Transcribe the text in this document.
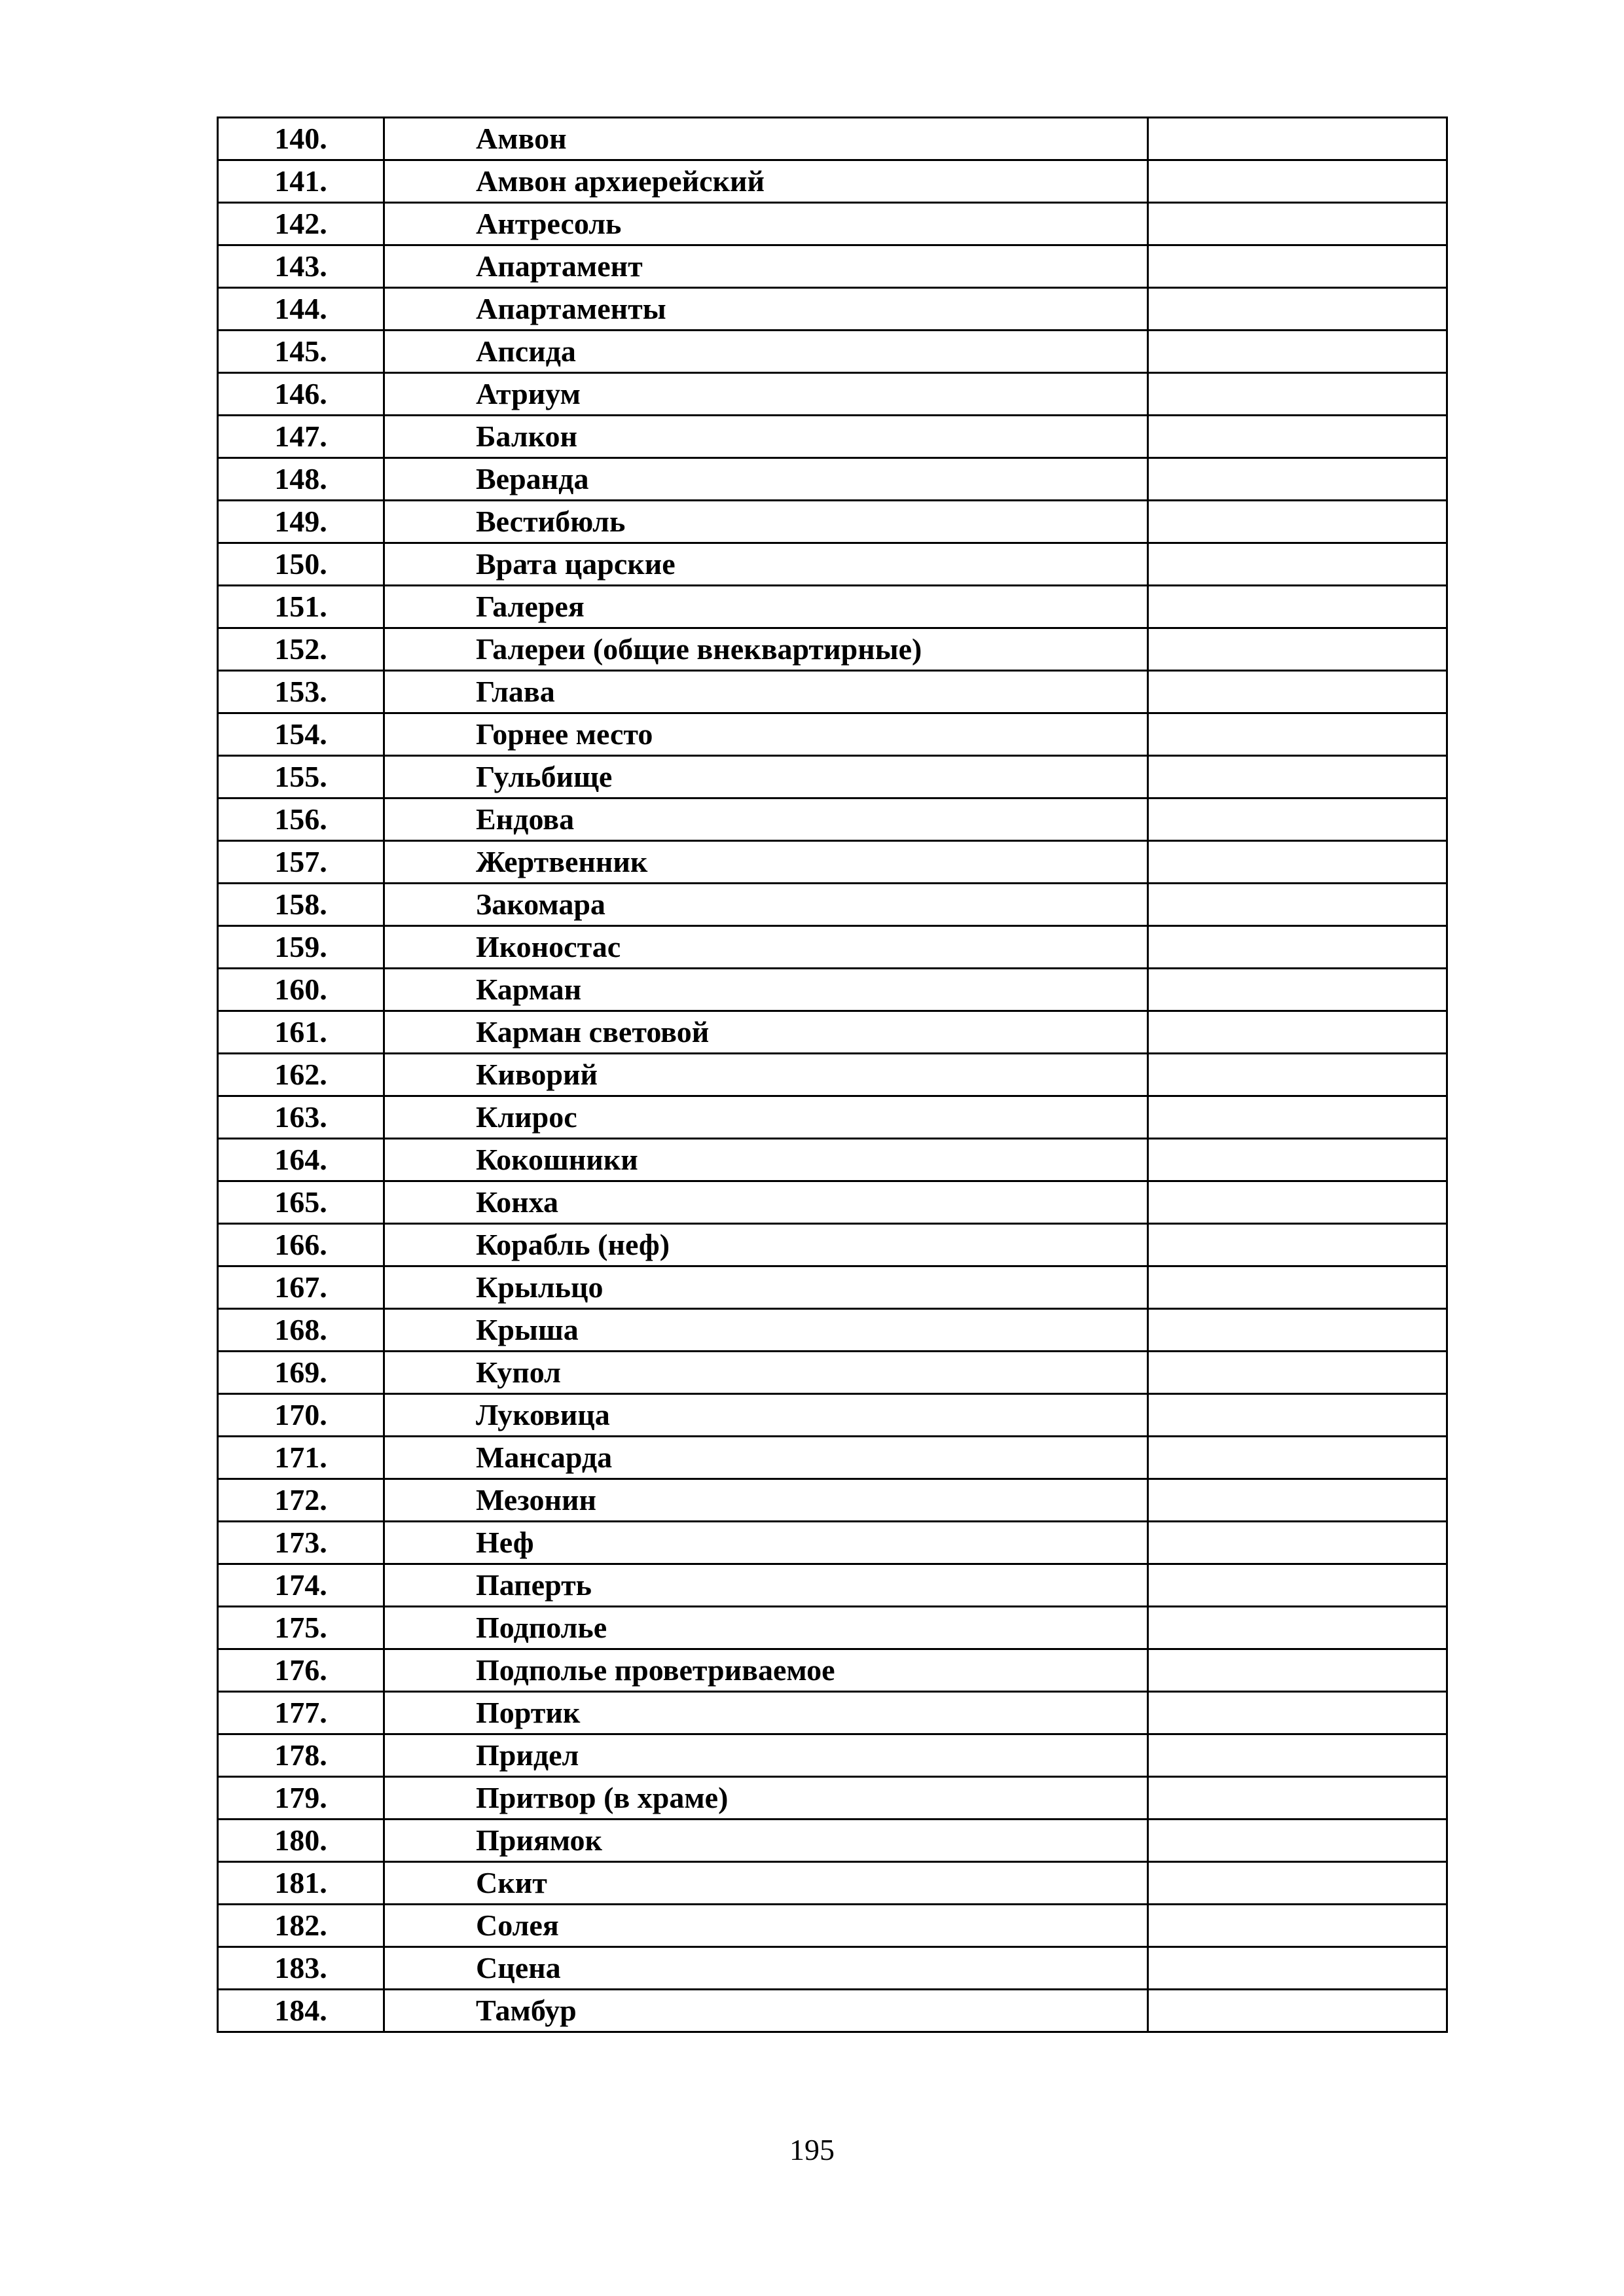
140.	Амвон	
141.	Амвон архиерейский	
142.	Антресоль	
143.	Апартамент	
144.	Апартаменты	
145.	Апсида	
146.	Атриум	
147.	Балкон	
148.	Веранда	
149.	Вестибюль	
150.	Врата царские	
151.	Галерея	
152.	Галереи (общие внеквартирные)	
153.	Глава	
154.	Горнее место	
155.	Гульбище	
156.	Ендова	
157.	Жертвенник	
158.	Закомара	
159.	Иконостас	
160.	Карман	
161.	Карман световой	
162.	Киворий	
163.	Клирос	
164.	Кокошники	
165.	Конха	
166.	Корабль (неф)	
167.	Крыльцо	
168.	Крыша	
169.	Купол	
170.	Луковица	
171.	Мансарда	
172.	Мезонин	
173.	Неф	
174.	Паперть	
175.	Подполье	
176.	Подполье проветриваемое	
177.	Портик	
178.	Придел	
179.	Притвор (в храме)	
180.	Приямок	
181.	Скит	
182.	Солея	
183.	Сцена	
184.	Тамбур	
195
